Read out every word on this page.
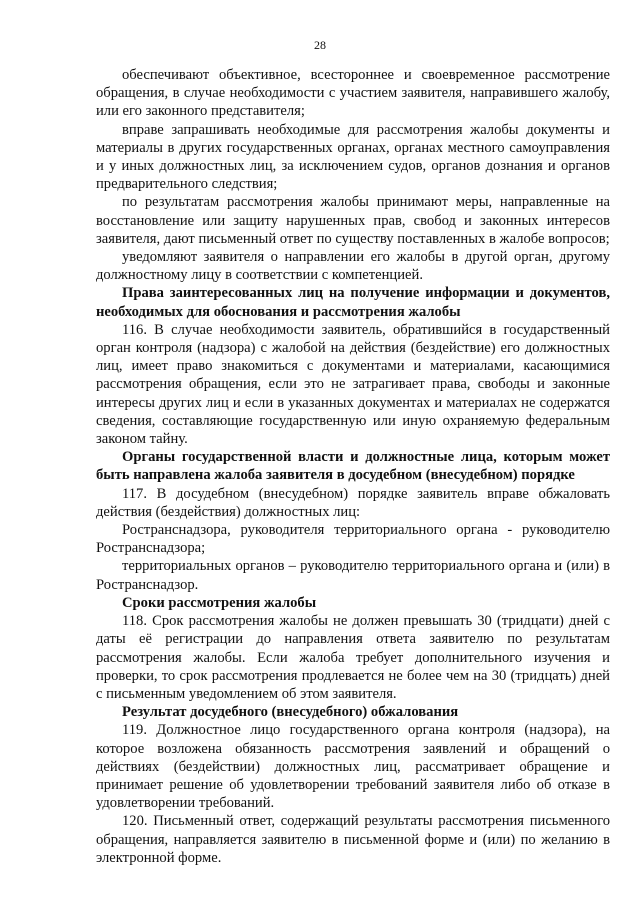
28

обеспечивают объективное, всестороннее и своевременное рассмотрение обращения, в случае необходимости с участием заявителя, направившего жалобу, или его законного представителя;

вправе запрашивать необходимые для рассмотрения жалобы документы и материалы в других государственных органах, органах местного самоуправления и у иных должностных лиц, за исключением судов, органов дознания и органов предварительного следствия;

по результатам рассмотрения жалобы принимают меры, направленные на восстановление или защиту нарушенных прав, свобод и законных интересов заявителя, дают письменный ответ по существу поставленных в жалобе вопросов;

уведомляют заявителя о направлении его жалобы в другой орган, другому должностному лицу в соответствии с компетенцией.

Права заинтересованных лиц на получение информации и документов, необходимых для обоснования и рассмотрения жалобы

116. В случае необходимости заявитель, обратившийся в государственный орган контроля (надзора) с жалобой на действия (бездействие) его должностных лиц, имеет право знакомиться с документами и материалами, касающимися рассмотрения обращения, если это не затрагивает права, свободы и законные интересы других лиц и если в указанных документах и материалах не содержатся сведения, составляющие государственную или иную охраняемую федеральным законом тайну.

Органы государственной власти и должностные лица, которым может быть направлена жалоба заявителя в досудебном (внесудебном) порядке

117. В досудебном (внесудебном) порядке заявитель вправе обжаловать действия (бездействия) должностных лиц:

Ространснадзора, руководителя территориального органа - руководителю Ространснадзора;

территориальных органов – руководителю территориального органа и (или) в Ространснадзор.

Сроки рассмотрения жалобы

118. Срок рассмотрения жалобы не должен превышать 30 (тридцати) дней с даты её регистрации до направления ответа заявителю по результатам рассмотрения жалобы. Если жалоба требует дополнительного изучения и проверки, то срок рассмотрения продлевается не более чем на 30 (тридцать) дней с письменным уведомлением об этом заявителя.

Результат досудебного (внесудебного) обжалования

119. Должностное лицо государственного органа контроля (надзора), на которое возложена обязанность рассмотрения заявлений и обращений о действиях (бездействии) должностных лиц, рассматривает обращение и принимает решение об удовлетворении требований заявителя либо об отказе в удовлетворении требований.

120. Письменный ответ, содержащий результаты рассмотрения письменного обращения, направляется заявителю в письменной форме и (или) по желанию в электронной форме.
